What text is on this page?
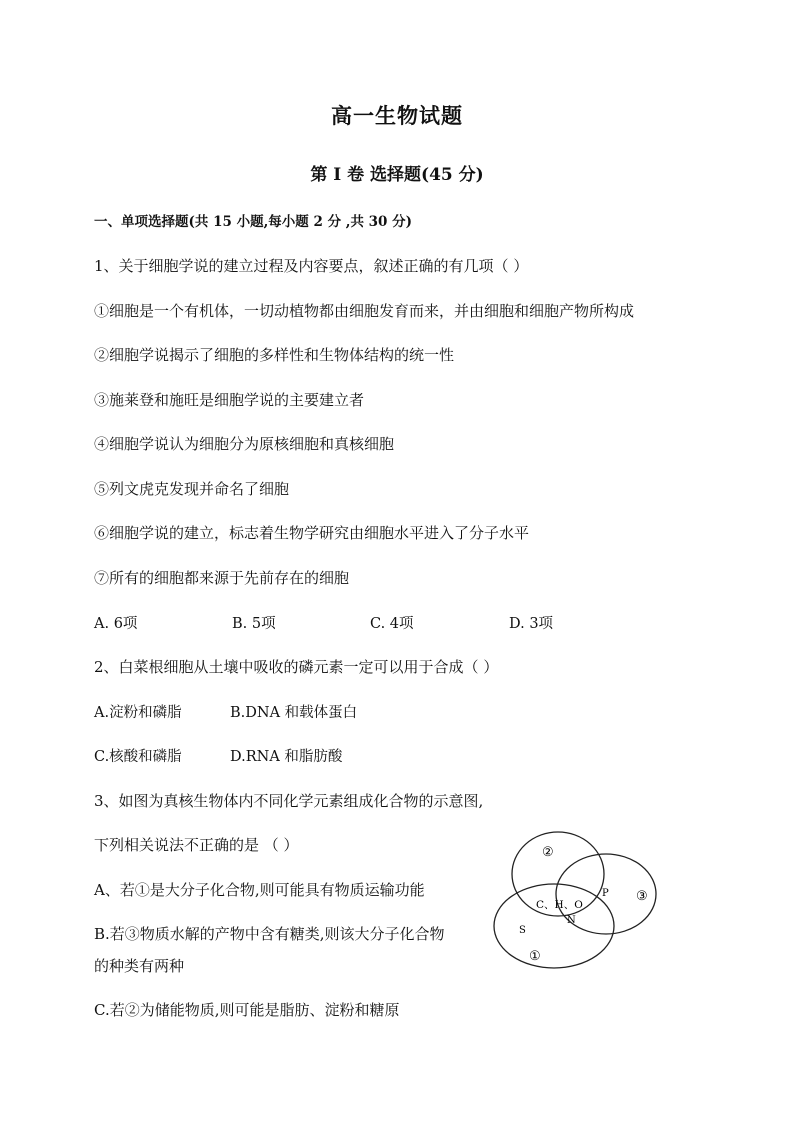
高一生物试题
第 I 卷 选择题(45 分)
一、单项选择题(共 15 小题,每小题 2 分 ,共 30 分)
1、关于细胞学说的建立过程及内容要点，叙述正确的有几项（ ）
①细胞是一个有机体，一切动植物都由细胞发育而来，并由细胞和细胞产物所构成
②细胞学说揭示了细胞的多样性和生物体结构的统一性
③施莱登和施旺是细胞学说的主要建立者
④细胞学说认为细胞分为原核细胞和真核细胞
⑤列文虎克发现并命名了细胞
⑥细胞学说的建立，标志着生物学研究由细胞水平进入了分子水平
⑦所有的细胞都来源于先前存在的细胞
A. 6项	B. 5项	C. 4项	D. 3项
2、白菜根细胞从土壤中吸收的磷元素一定可以用于合成（ ）
A.淀粉和磷脂	B.DNA 和载体蛋白
C.核酸和磷脂	D.RNA 和脂肪酸
3、如图为真核生物体内不同化学元素组成化合物的示意图,
下列相关说法不正确的是 （ ）
A、若①是大分子化合物,则可能具有物质运输功能
B.若③物质水解的产物中含有糖类,则该大分子化合物
的种类有两种
C.若②为储能物质,则可能是脂肪、淀粉和糖原
②
③
①
C、H、O
N
P
S
